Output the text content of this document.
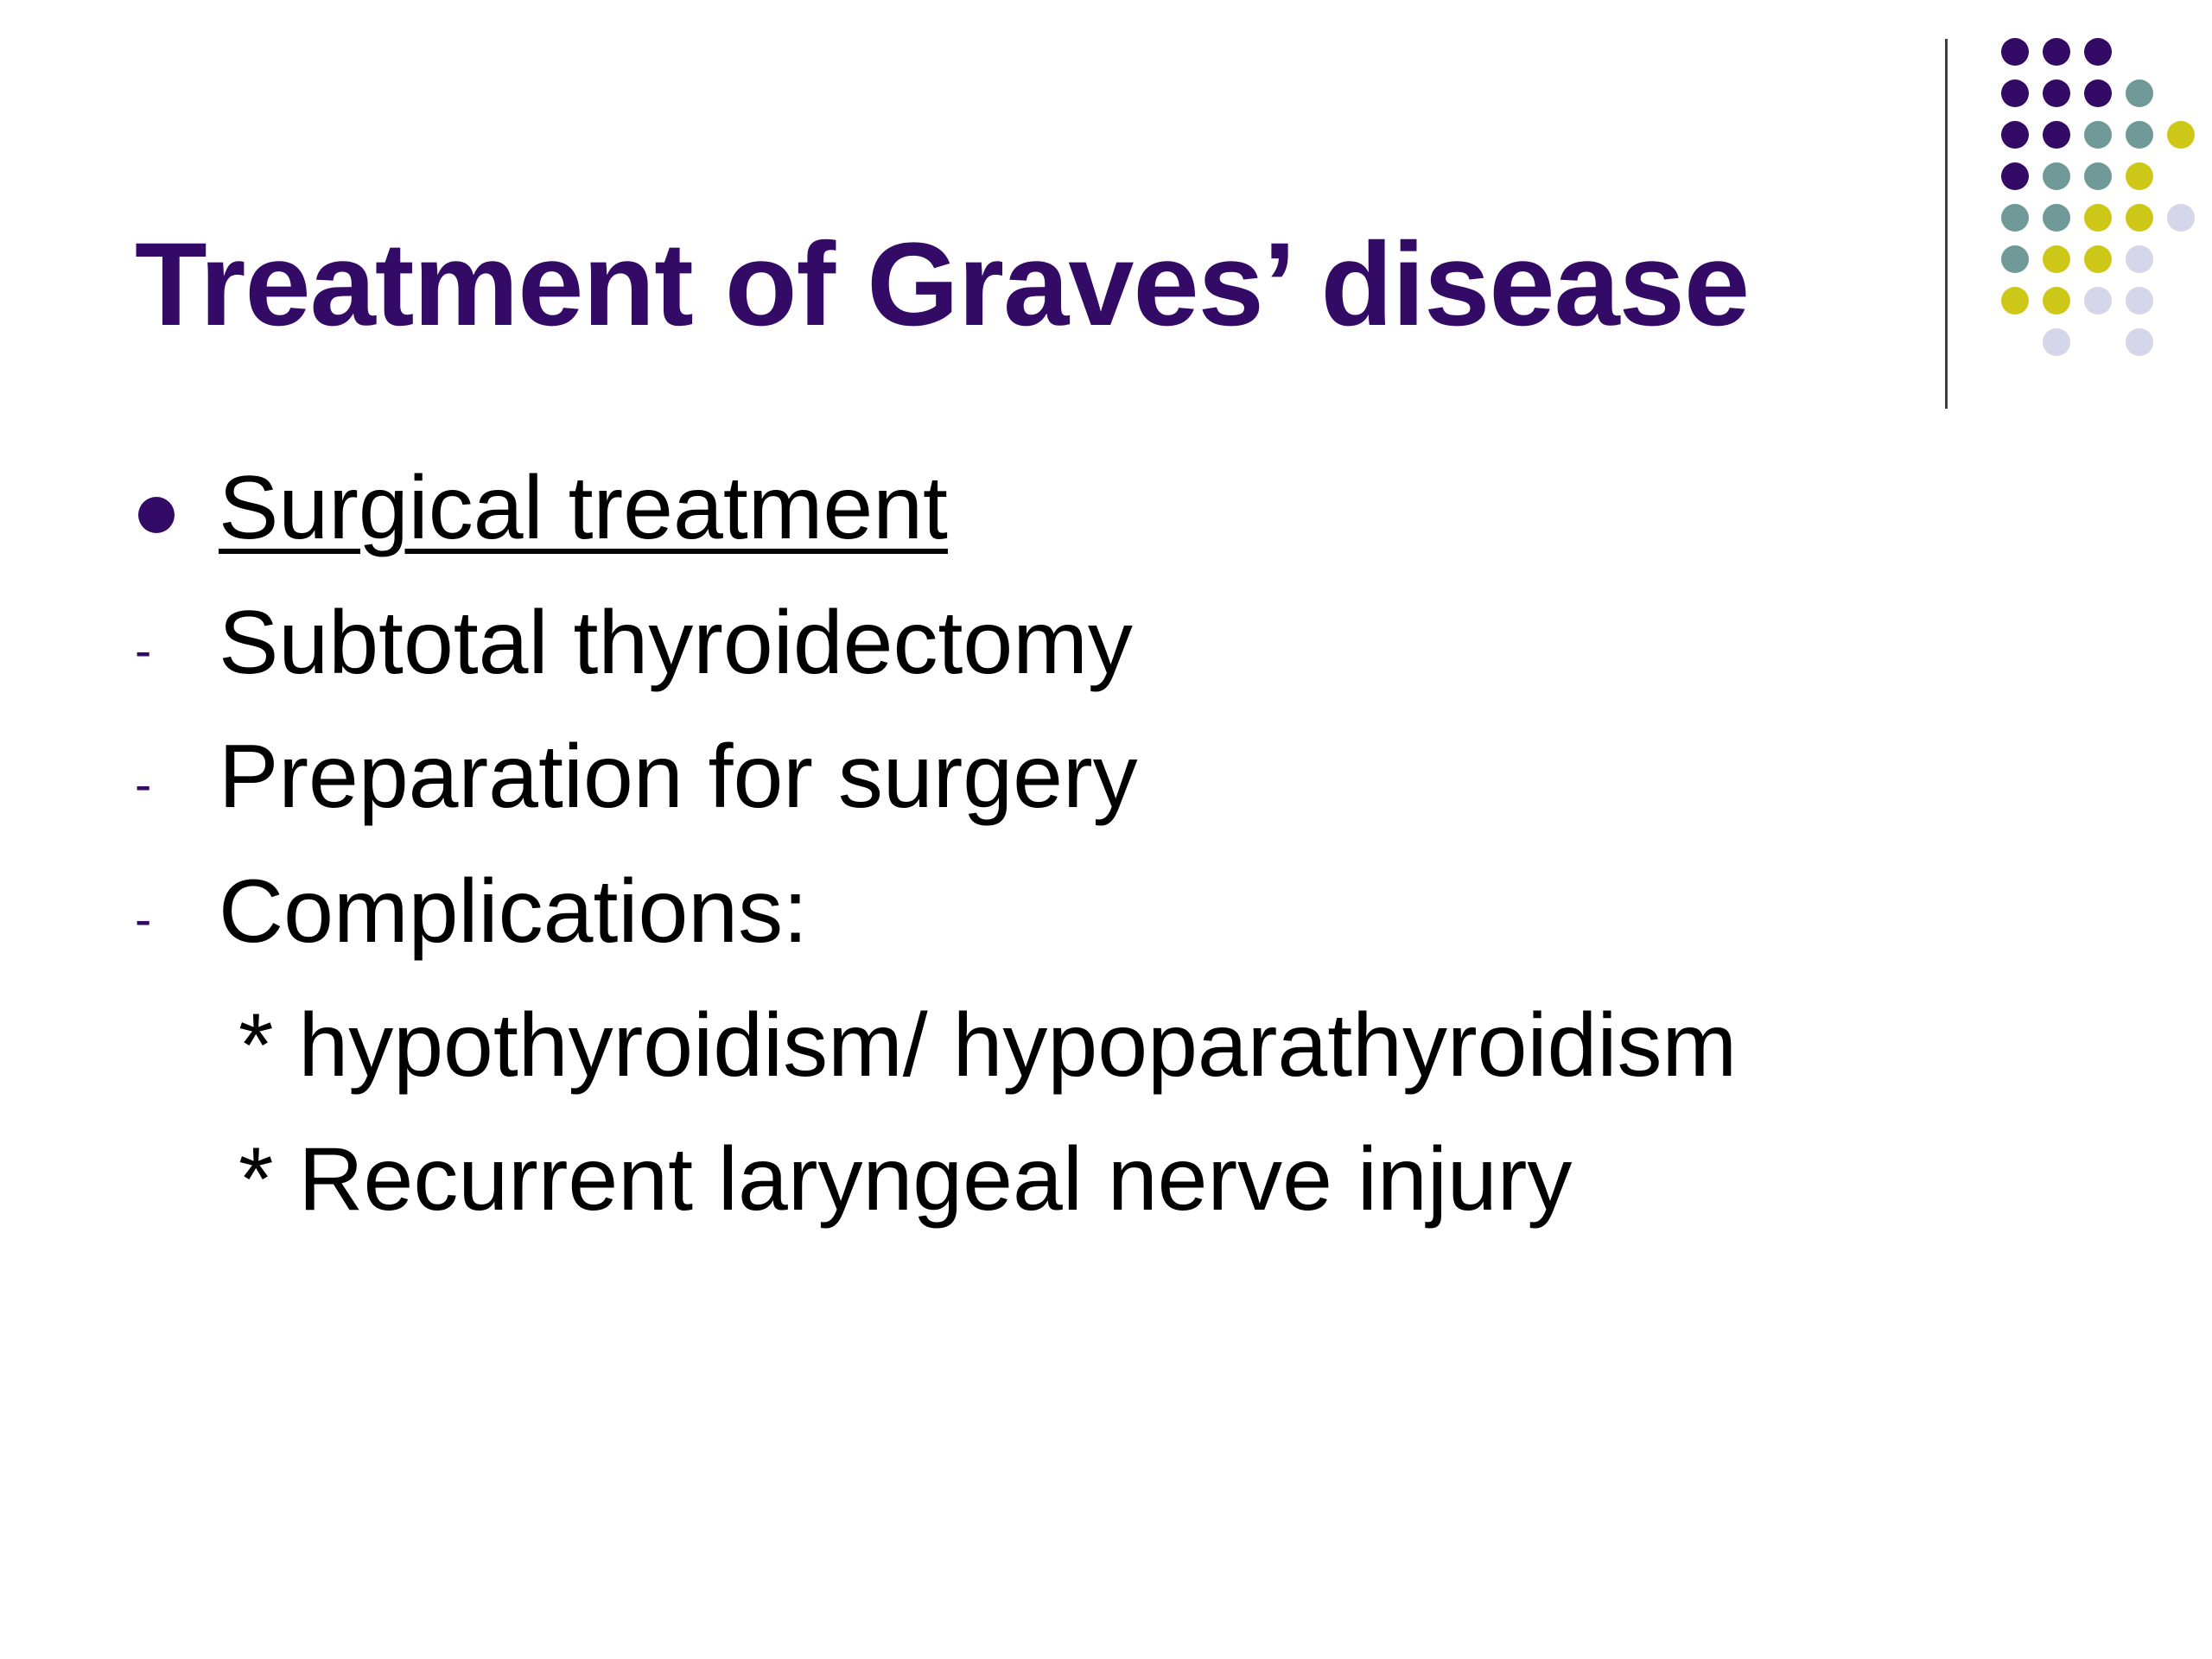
Treatment of Graves’ disease
Surgical treatment
- Subtotal thyroidectomy
- Preparation for surgery
- Complications:
* hypothyroidism/ hypoparathyroidism
* Recurrent laryngeal nerve injury
